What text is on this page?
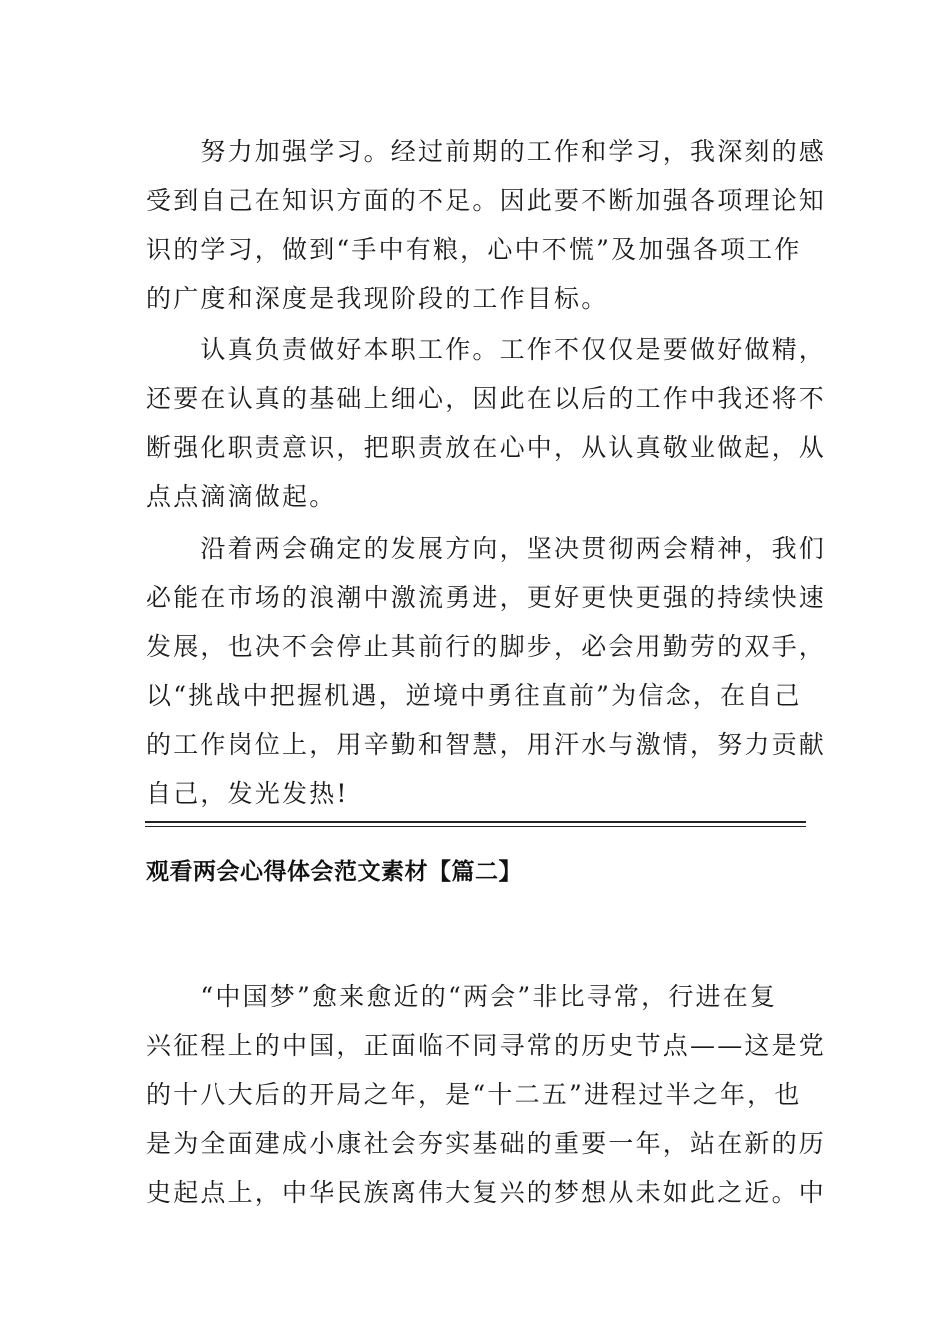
　　努力加强学习。经过前期的工作和学习，我深刻的感
受到自己在知识方面的不足。因此要不断加强各项理论知
识的学习，做到“手中有粮，心中不慌”及加强各项工作
的广度和深度是我现阶段的工作目标。
　　认真负责做好本职工作。工作不仅仅是要做好做精，
还要在认真的基础上细心，因此在以后的工作中我还将不
断强化职责意识，把职责放在心中，从认真敬业做起，从
点点滴滴做起。
　　沿着两会确定的发展方向，坚决贯彻两会精神，我们
必能在市场的浪潮中激流勇进，更好更快更强的持续快速
发展，也决不会停止其前行的脚步，必会用勤劳的双手，
以“挑战中把握机遇，逆境中勇往直前”为信念，在自己
的工作岗位上，用辛勤和智慧，用汗水与激情，努力贡献
自己，发光发热!
观看两会心得体会范文素材【篇二】
　　“中国梦”愈来愈近的“两会”非比寻常，行进在复
兴征程上的中国，正面临不同寻常的历史节点——这是党
的十八大后的开局之年，是“十二五”进程过半之年，也
是为全面建成小康社会夯实基础的重要一年，站在新的历
史起点上，中华民族离伟大复兴的梦想从未如此之近。中
